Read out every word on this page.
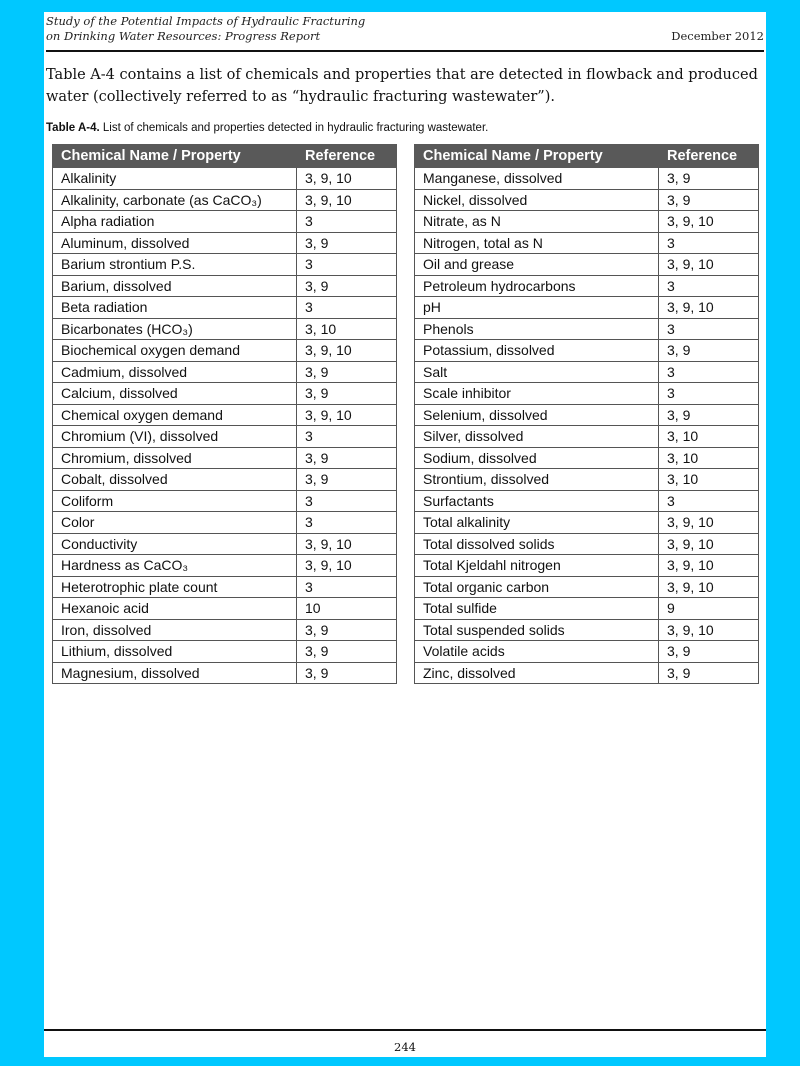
Study of the Potential Impacts of Hydraulic Fracturing
on Drinking Water Resources: Progress Report	December 2012
Table A-4 contains a list of chemicals and properties that are detected in flowback and produced water (collectively referred to as “hydraulic fracturing wastewater”).
Table A-4. List of chemicals and properties detected in hydraulic fracturing wastewater.
Chemical Name / Property	Reference
Alkalinity	3, 9, 10
Alkalinity, carbonate (as CaCO₃)	3, 9, 10
Alpha radiation	3
Aluminum, dissolved	3, 9
Barium strontium P.S.	3
Barium, dissolved	3, 9
Beta radiation	3
Bicarbonates (HCO₃)	3, 10
Biochemical oxygen demand	3, 9, 10
Cadmium, dissolved	3, 9
Calcium, dissolved	3, 9
Chemical oxygen demand	3, 9, 10
Chromium (VI), dissolved	3
Chromium, dissolved	3, 9
Cobalt, dissolved	3, 9
Coliform	3
Color	3
Conductivity	3, 9, 10
Hardness as CaCO₃	3, 9, 10
Heterotrophic plate count	3
Hexanoic acid	10
Iron, dissolved	3, 9
Lithium, dissolved	3, 9
Magnesium, dissolved	3, 9
Chemical Name / Property	Reference
Manganese, dissolved	3, 9
Nickel, dissolved	3, 9
Nitrate, as N	3, 9, 10
Nitrogen, total as N	3
Oil and grease	3, 9, 10
Petroleum hydrocarbons	3
pH	3, 9, 10
Phenols	3
Potassium, dissolved	3, 9
Salt	3
Scale inhibitor	3
Selenium, dissolved	3, 9
Silver, dissolved	3, 10
Sodium, dissolved	3, 10
Strontium, dissolved	3, 10
Surfactants	3
Total alkalinity	3, 9, 10
Total dissolved solids	3, 9, 10
Total Kjeldahl nitrogen	3, 9, 10
Total organic carbon	3, 9, 10
Total sulfide	9
Total suspended solids	3, 9, 10
Volatile acids	3, 9
Zinc, dissolved	3, 9
244
